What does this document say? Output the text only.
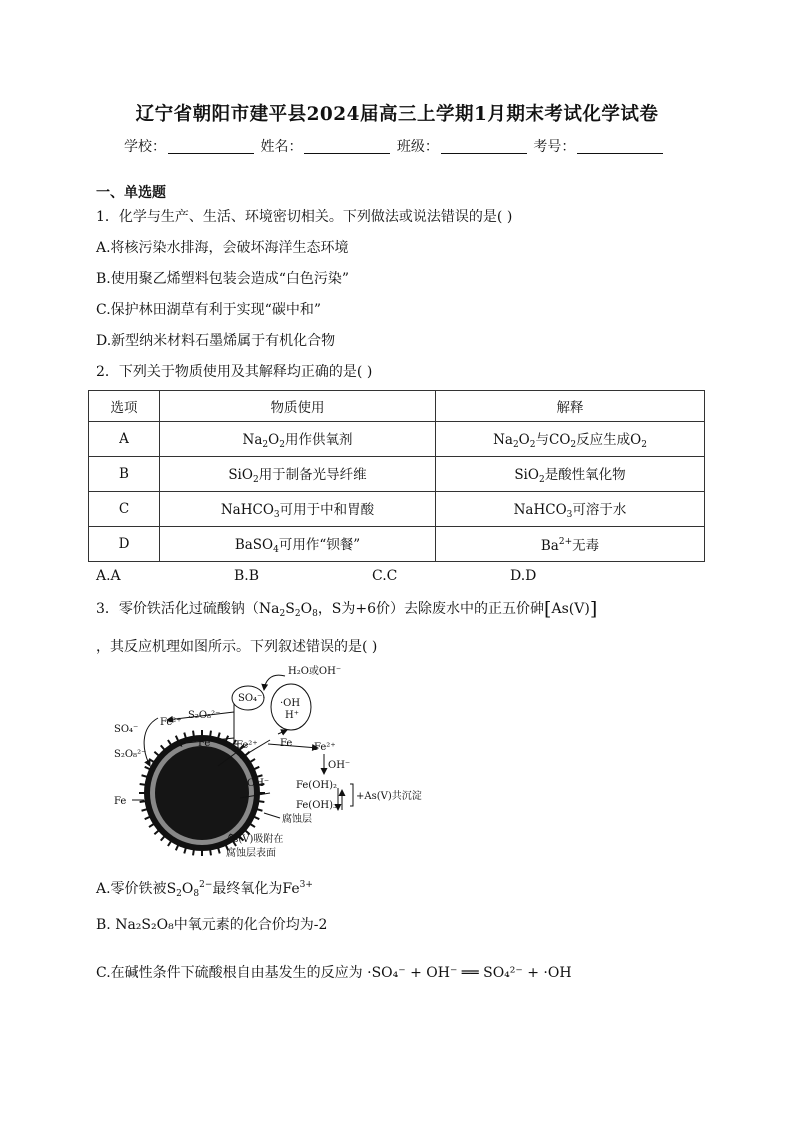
辽宁省朝阳市建平县2024届高三上学期1月期末考试化学试卷
学校：	姓名：	班级：	考号：
一、单选题
1．化学与生产、生活、环境密切相关。下列做法或说法错误的是( )
A.将核污染水排海，会破坏海洋生态环境
B.使用聚乙烯塑料包装会造成“白色污染”
C.保护林田湖草有利于实现“碳中和”
D.新型纳米材料石墨烯属于有机化合物
2．下列关于物质使用及其解释均正确的是( )
选项	物质使用	解释
A	$Na_2O_2$用作供氧剂	$Na_2O_2$与$CO_2$反应生成$O_2$
B	SiO$_2$用于制备光导纤维	SiO$_2$是酸性氧化物
C	NaHCO$_3$可用于中和胃酸	NaHCO$_3$可溶于水
D	BaSO$_4$可用作“钡餐”	$Ba^{2+}$无毒
A.A	B.B	C.C	D.D
3．零价铁活化过硫酸钠（$Na_2S_2O_8$，S为+6价）去除废水中的正五价砷[As(V)]
，其反应机理如图所示。下列叙述错误的是( )
H₂O或OH⁻
SO₄⁻· ·OH
H⁺
SO₄⁻
S₂O₈²⁻
Fe²⁺
S₂O₈²⁻
Fe	Fe²⁺ Fe Fe²⁺
OH⁻
OH⁻	Fe(OH)₂
Fe(OH)₃
+As(V)共沉淀
Fe
腐蚀层
As(V)吸附在
腐蚀层表面
A.零价铁被$S_2O_8^{2-}$最终氧化为$Fe^{3+}$
B. Na₂S₂O₈中氧元素的化合价均为-2
C.在碱性条件下硫酸根自由基发生的反应为 ·SO₄⁻ + OH⁻ ══ SO₄²⁻ + ·OH
